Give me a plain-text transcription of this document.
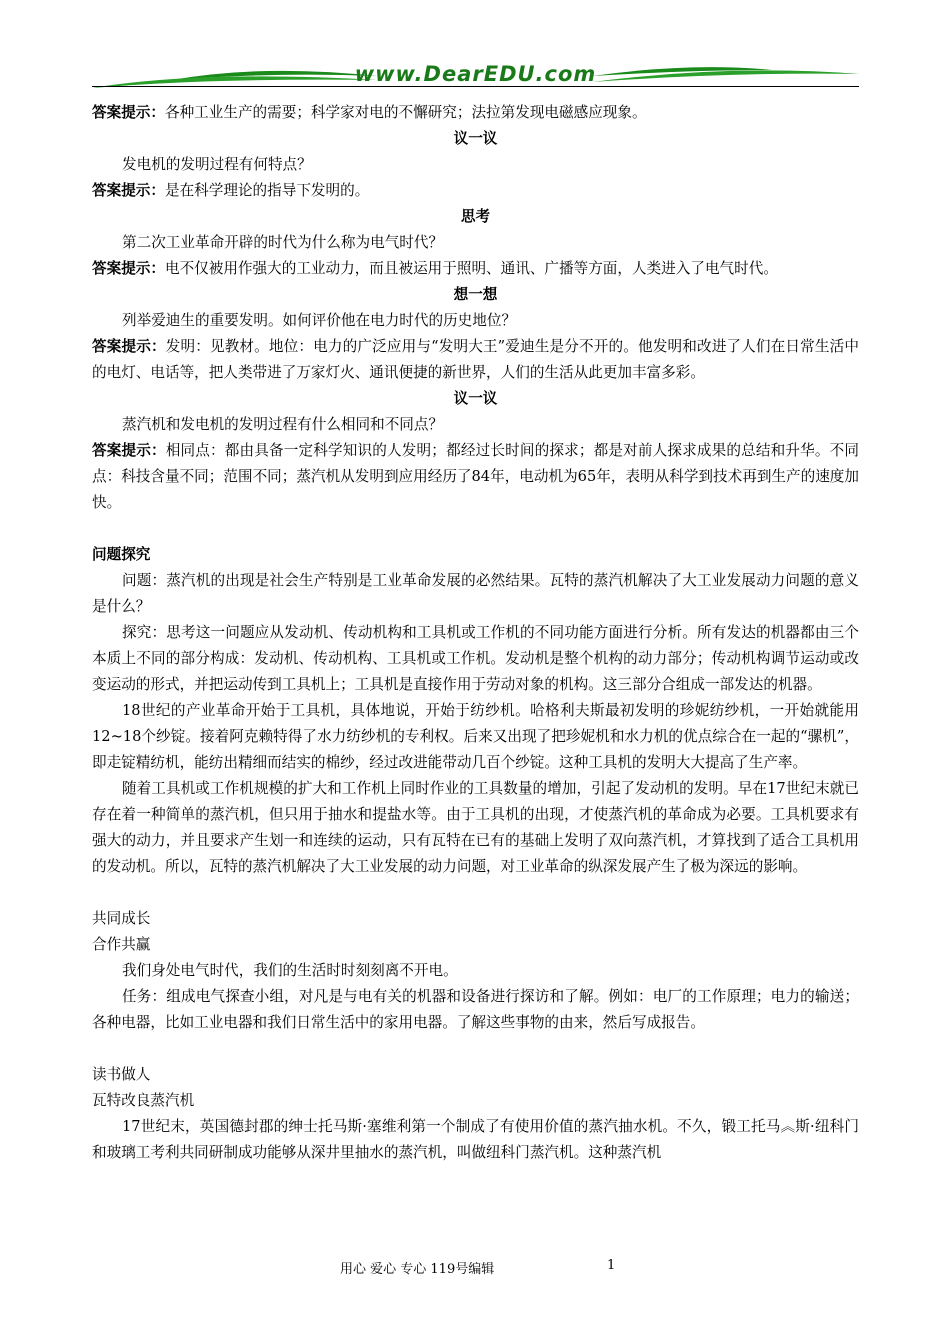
www.DearEDU.com

答案提示：各种工业生产的需要；科学家对电的不懈研究；法拉第发现电磁感应现象。

议一议

发电机的发明过程有何特点？

答案提示：是在科学理论的指导下发明的。

思考

第二次工业革命开辟的时代为什么称为电气时代？

答案提示：电不仅被用作强大的工业动力，而且被运用于照明、通讯、广播等方面，人类进入了电气时代。

想一想

列举爱迪生的重要发明。如何评价他在电力时代的历史地位？

答案提示：发明：见教材。地位：电力的广泛应用与“发明大王”爱迪生是分不开的。他发明和改进了人们在日常生活中的电灯、电话等，把人类带进了万家灯火、通讯便捷的新世界，人们的生活从此更加丰富多彩。

议一议

蒸汽机和发电机的发明过程有什么相同和不同点？

答案提示：相同点：都由具备一定科学知识的人发明；都经过长时间的探求；都是对前人探求成果的总结和升华。不同点：科技含量不同；范围不同；蒸汽机从发明到应用经历了84年，电动机为65年，表明从科学到技术再到生产的速度加快。

问题探究

问题：蒸汽机的出现是社会生产特别是工业革命发展的必然结果。瓦特的蒸汽机解决了大工业发展动力问题的意义是什么？

探究：思考这一问题应从发动机、传动机构和工具机或工作机的不同功能方面进行分析。所有发达的机器都由三个本质上不同的部分构成：发动机、传动机构、工具机或工作机。发动机是整个机构的动力部分；传动机构调节运动或改变运动的形式，并把运动传到工具机上；工具机是直接作用于劳动对象的机构。这三部分合组成一部发达的机器。

18世纪的产业革命开始于工具机，具体地说，开始于纺纱机。哈格利夫斯最初发明的珍妮纺纱机，一开始就能用12~18个纱锭。接着阿克赖特得了水力纺纱机的专利权。后来又出现了把珍妮机和水力机的优点综合在一起的“骡机”，即走锭精纺机，能纺出精细而结实的棉纱，经过改进能带动几百个纱锭。这种工具机的发明大大提高了生产率。

随着工具机或工作机规模的扩大和工作机上同时作业的工具数量的增加，引起了发动机的发明。早在17世纪末就已存在着一种简单的蒸汽机，但只用于抽水和提盐水等。由于工具机的出现，才使蒸汽机的革命成为必要。工具机要求有强大的动力，并且要求产生划一和连续的运动，只有瓦特在已有的基础上发明了双向蒸汽机，才算找到了适合工具机用的发动机。所以，瓦特的蒸汽机解决了大工业发展的动力问题，对工业革命的纵深发展产生了极为深远的影响。

共同成长

合作共赢

我们身处电气时代，我们的生活时时刻刻离不开电。

任务：组成电气探查小组，对凡是与电有关的机器和设备进行探访和了解。例如：电厂的工作原理；电力的输送；各种电器，比如工业电器和我们日常生活中的家用电器。了解这些事物的由来，然后写成报告。

读书做人

瓦特改良蒸汽机

17世纪末，英国德封郡的绅士托马斯·塞维利第一个制成了有使用价值的蒸汽抽水机。不久，锻工托马︽斯·纽科门和玻璃工考利共同研制成功能够从深井里抽水的蒸汽机，叫做纽科门蒸汽机。这种蒸汽机

用心 爱心 专心 119号编辑	1
